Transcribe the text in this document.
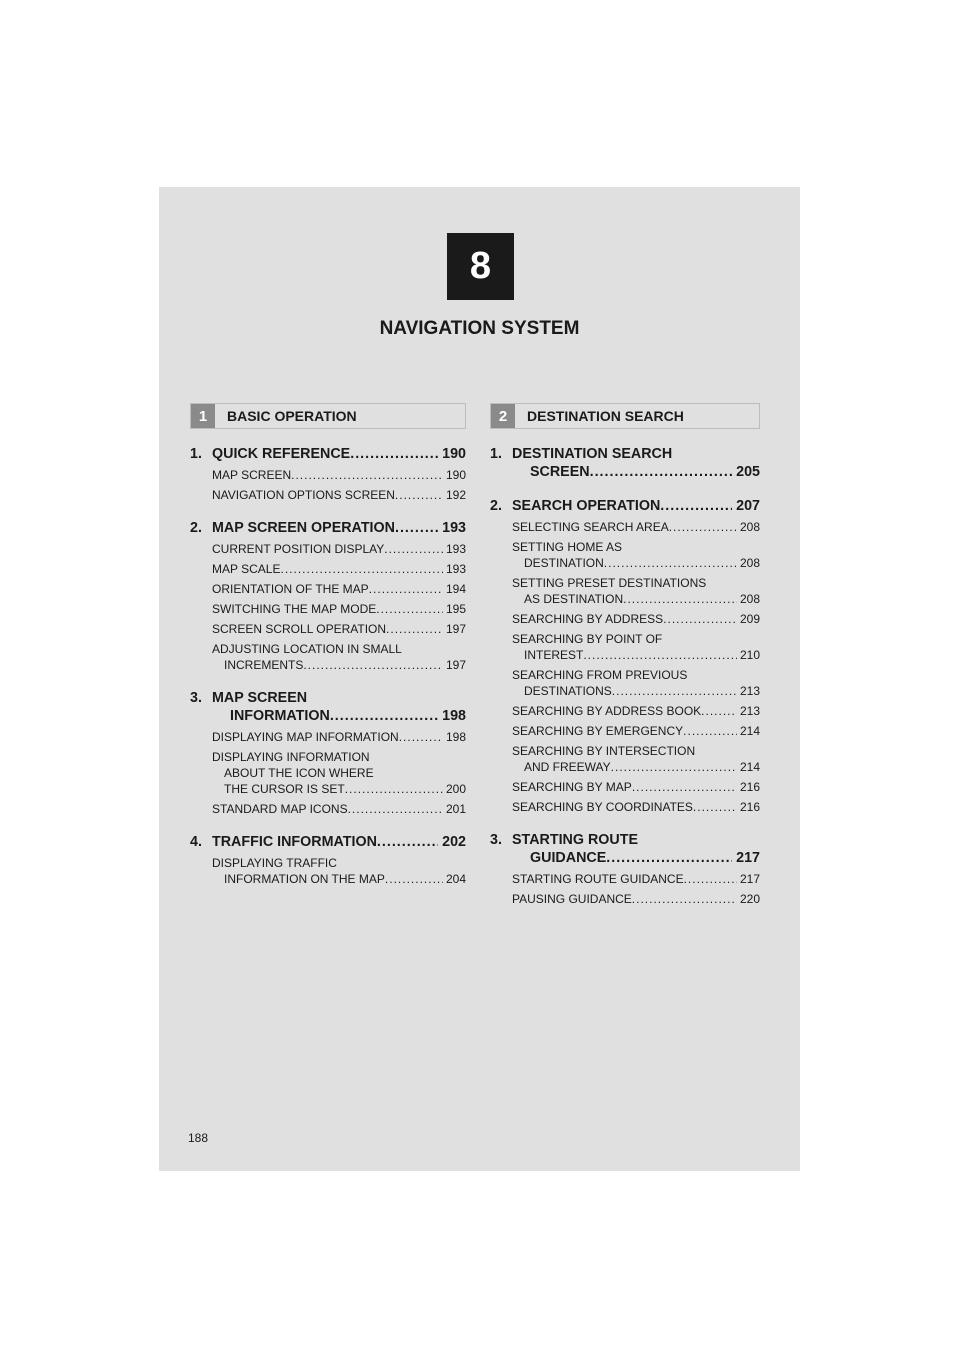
8
NAVIGATION SYSTEM
1	BASIC OPERATION
1. QUICK REFERENCE .....	190
MAP SCREEN .....	190
NAVIGATION OPTIONS SCREEN .....	192
2. MAP SCREEN OPERATION .....	193
CURRENT POSITION DISPLAY .....	193
MAP SCALE .....	193
ORIENTATION OF THE MAP .....	194
SWITCHING THE MAP MODE .....	195
SCREEN SCROLL OPERATION .....	197
ADJUSTING LOCATION IN SMALL
INCREMENTS .....	197
3. MAP SCREEN
INFORMATION .....	198
DISPLAYING MAP INFORMATION .....	198
DISPLAYING INFORMATION
ABOUT THE ICON WHERE
THE CURSOR IS SET .....	200
STANDARD MAP ICONS .....	201
4. TRAFFIC INFORMATION .....	202
DISPLAYING TRAFFIC
INFORMATION ON THE MAP .....	204
2	DESTINATION SEARCH
1. DESTINATION SEARCH
SCREEN .....	205
2. SEARCH OPERATION .....	207
SELECTING SEARCH AREA .....	208
SETTING HOME AS
DESTINATION .....	208
SETTING PRESET DESTINATIONS
AS DESTINATION .....	208
SEARCHING BY ADDRESS .....	209
SEARCHING BY POINT OF
INTEREST .....	210
SEARCHING FROM PREVIOUS
DESTINATIONS .....	213
SEARCHING BY ADDRESS BOOK .....	213
SEARCHING BY EMERGENCY .....	214
SEARCHING BY INTERSECTION
AND FREEWAY .....	214
SEARCHING BY MAP .....	216
SEARCHING BY COORDINATES .....	216
3. STARTING ROUTE
GUIDANCE .....	217
STARTING ROUTE GUIDANCE .....	217
PAUSING GUIDANCE .....	220
188
